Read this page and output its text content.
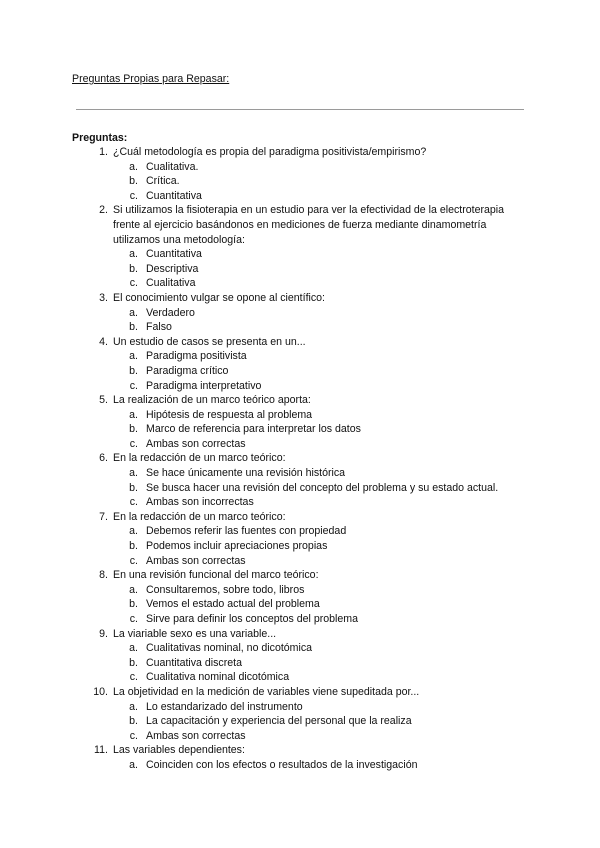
Preguntas Propias para Repasar:
Preguntas:
1. ¿Cuál metodología es propia del paradigma positivista/empirismo?
a. Cualitativa.
b. Crítica.
c. Cuantitativa
2. Si utilizamos la fisioterapia en un estudio para ver la efectividad de la electroterapia frente al ejercicio basándonos en mediciones de fuerza mediante dinamometría utilizamos una metodología:
a. Cuantitativa
b. Descriptiva
c. Cualitativa
3. El conocimiento vulgar se opone al científico:
a. Verdadero
b. Falso
4. Un estudio de casos se presenta en un...
a. Paradigma positivista
b. Paradigma crítico
c. Paradigma interpretativo
5. La realización de un marco teórico aporta:
a. Hipótesis de respuesta al problema
b. Marco de referencia para interpretar los datos
c. Ambas son correctas
6. En la redacción de un marco teórico:
a. Se hace únicamente una revisión histórica
b. Se busca hacer una revisión del concepto del problema y su estado actual.
c. Ambas son incorrectas
7. En la redacción de un marco teórico:
a. Debemos referir las fuentes con propiedad
b. Podemos incluir apreciaciones propias
c. Ambas son correctas
8. En una revisión funcional del marco teórico:
a. Consultaremos, sobre todo, libros
b. Vemos el estado actual del problema
c. Sirve para definir los conceptos del problema
9. La viariable sexo es una variable...
a. Cualitativas nominal, no dicotómica
b. Cuantitativa discreta
c. Cualitativa nominal dicotómica
10. La objetividad en la medición de variables viene supeditada por...
a. Lo estandarizado del instrumento
b. La capacitación y experiencia del personal que la realiza
c. Ambas son correctas
11. Las variables dependientes:
a. Coinciden con los efectos o resultados de la investigación
